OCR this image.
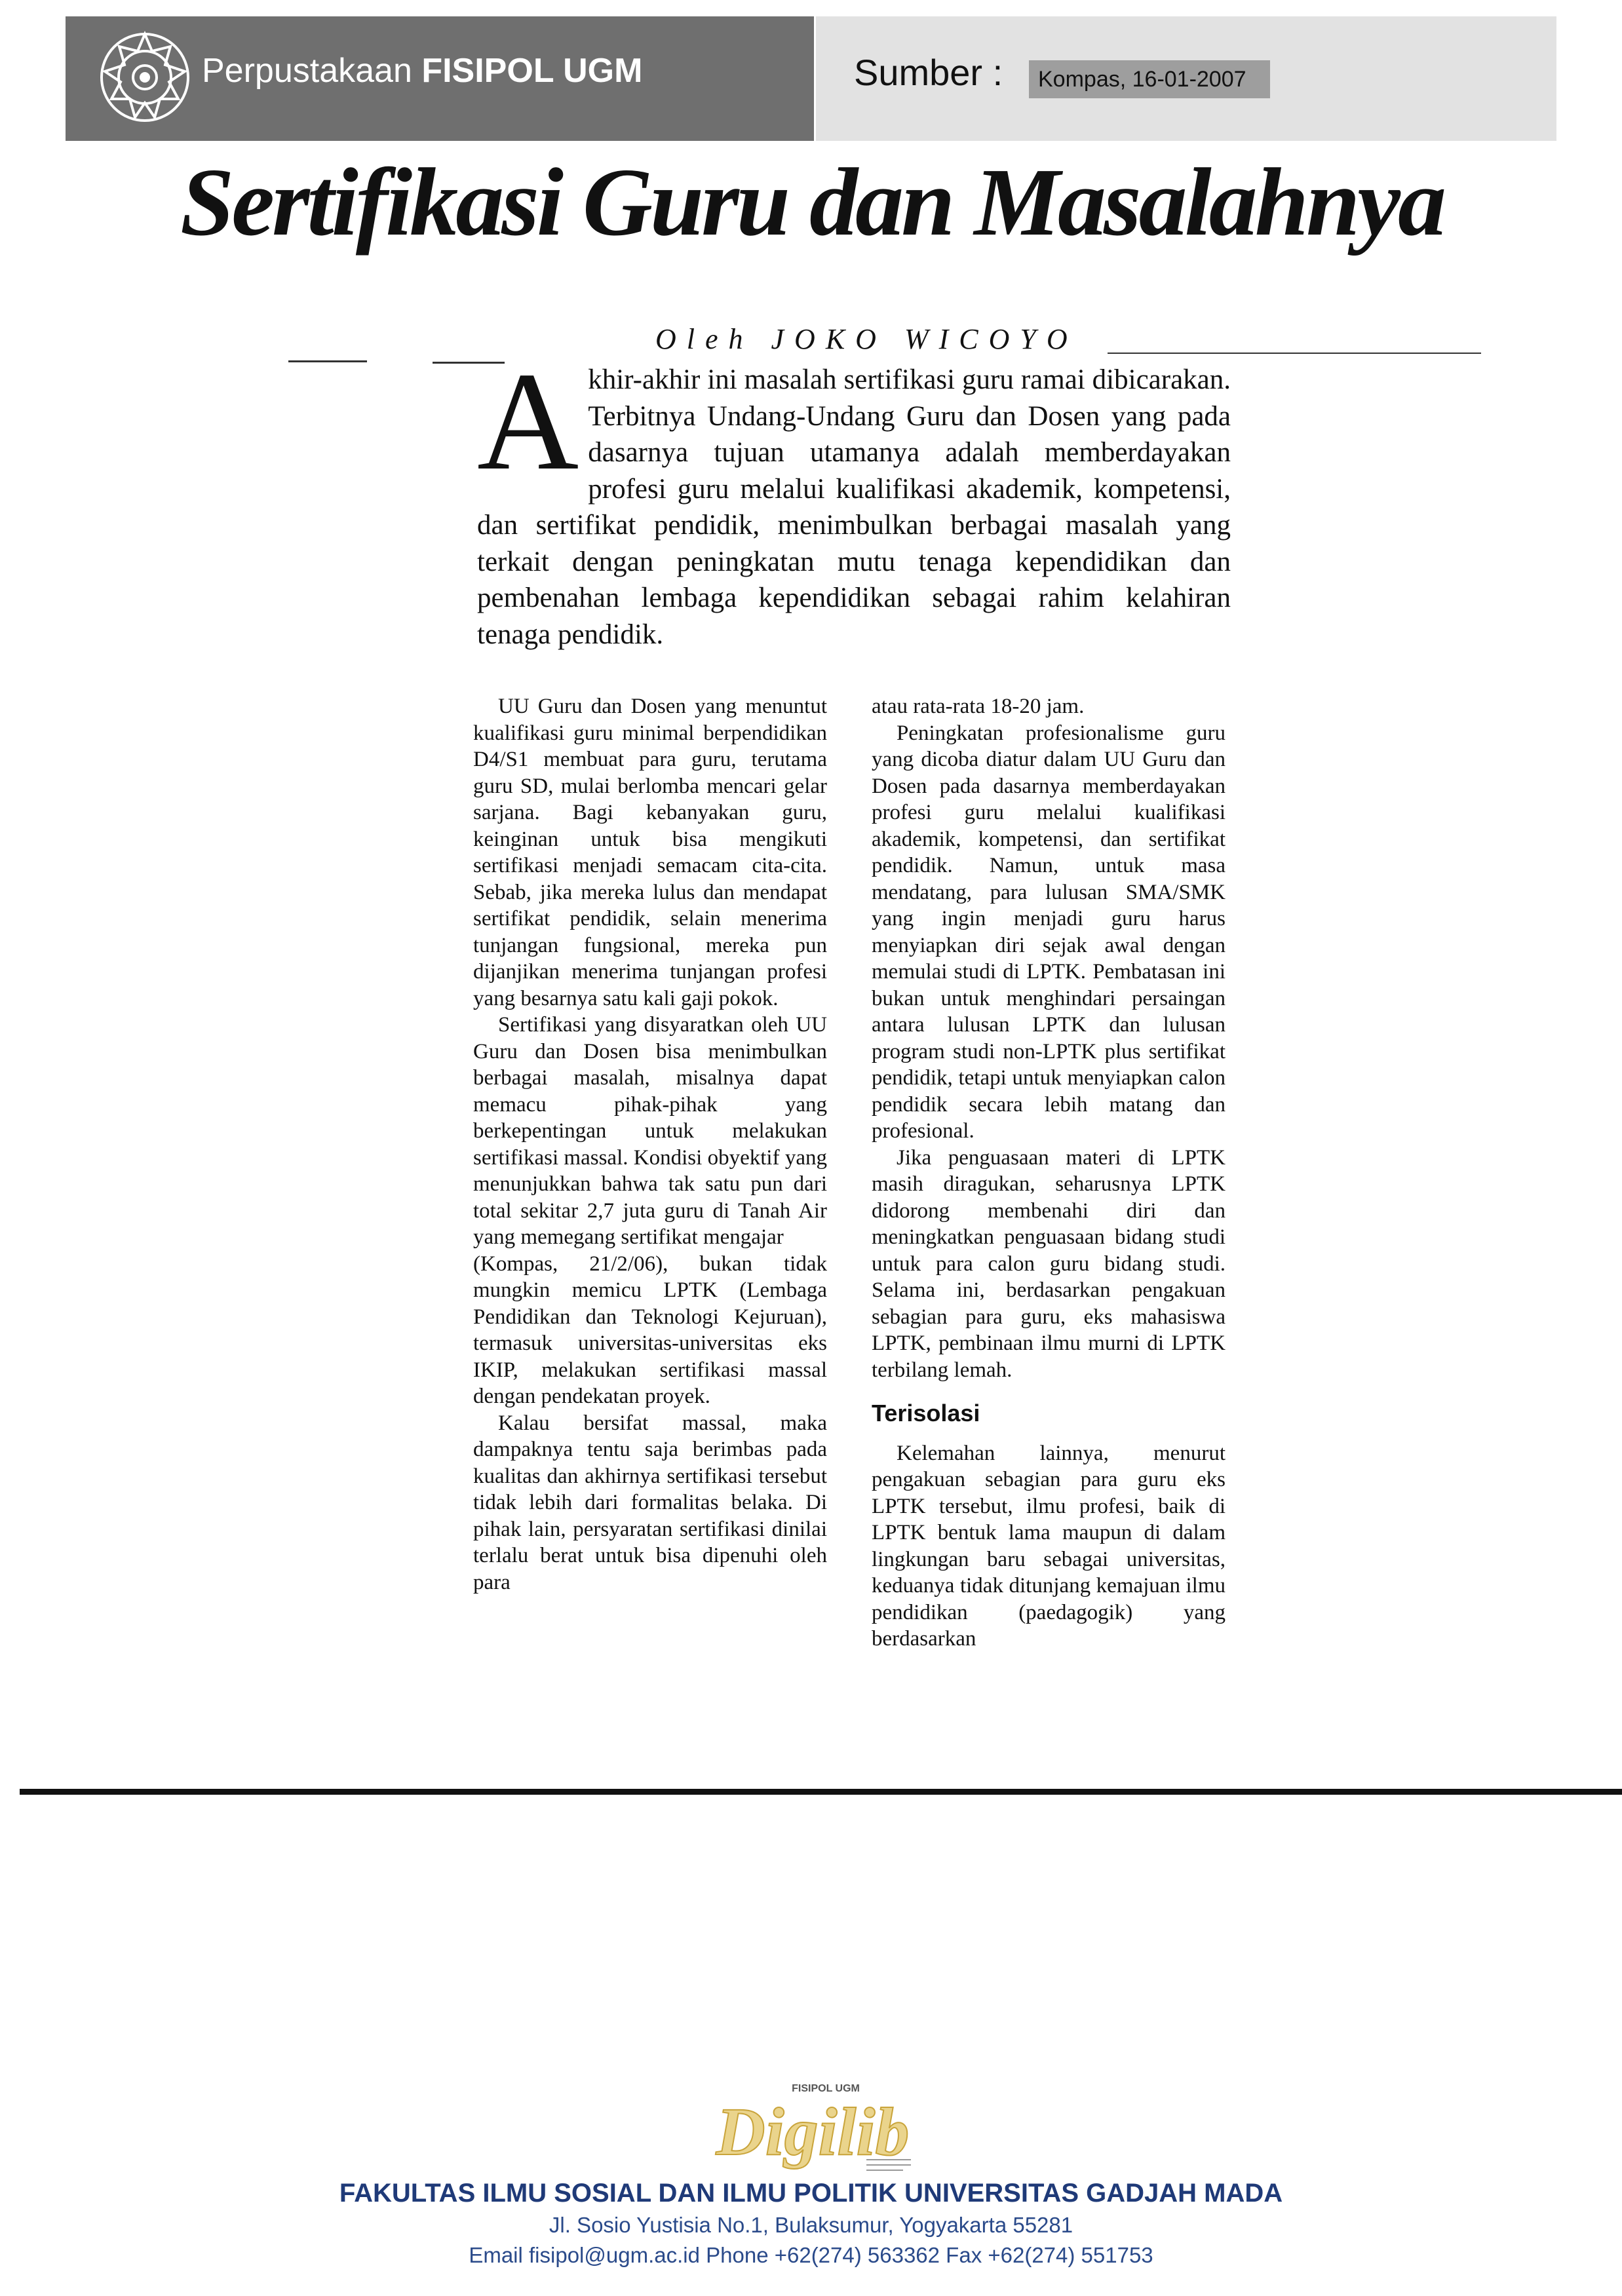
Perpustakaan FISIPOL UGM	Sumber :	Kompas, 16-01-2007
Sertifikasi Guru dan Masalahnya
Oleh JOKO WICOYO
A khir-akhir ini masalah sertifikasi guru ramai dibicarakan. Terbitnya Undang-Undang Guru dan Dosen yang pada dasarnya tujuan utamanya adalah memberdayakan profesi guru melalui kualifikasi akademik, kompetensi, dan sertifikat pendidik, menimbulkan berbagai masalah yang terkait dengan peningkatan mutu tenaga kependidikan dan pembenahan lembaga kependidikan sebagai rahim kelahiran tenaga pendidik.

UU Guru dan Dosen yang menuntut kualifikasi guru minimal berpendidikan D4/S1 membuat para guru, terutama guru SD, mulai berlomba mencari gelar sarjana. Bagi kebanyakan guru, keinginan untuk bisa mengikuti sertifikasi menjadi semacam cita-cita. Sebab, jika mereka lulus dan mendapat sertifikat pendidik, selain menerima tunjangan fungsional, mereka pun dijanjikan menerima tunjangan profesi yang besarnya satu kali gaji pokok.

Sertifikasi yang disyaratkan oleh UU Guru dan Dosen bisa menimbulkan berbagai masalah, misalnya dapat memacu pihak-pihak yang berkepentingan untuk melakukan sertifikasi massal. Kondisi obyektif yang menunjukkan bahwa tak satu pun dari total sekitar 2,7 juta guru di Tanah Air yang memegang sertifikat mengajar

(Kompas, 21/2/06), bukan tidak mungkin memicu LPTK (Lembaga Pendidikan dan Teknologi Kejuruan), termasuk universitas-universitas eks IKIP, melakukan sertifikasi massal dengan pendekatan proyek.

Kalau bersifat massal, maka dampaknya tentu saja berimbas pada kualitas dan akhirnya sertifikasi tersebut tidak lebih dari formalitas belaka. Di pihak lain, persyaratan sertifikasi dinilai terlalu berat untuk bisa dipenuhi oleh para

atau rata-rata 18-20 jam.

Peningkatan profesionalisme guru yang dicoba diatur dalam UU Guru dan Dosen pada dasarnya memberdayakan profesi guru melalui kualifikasi akademik, kompetensi, dan sertifikat pendidik. Namun, untuk masa mendatang, para lulusan SMA/SMK yang ingin menjadi guru harus menyiapkan diri sejak awal dengan memulai studi di LPTK. Pembatasan ini bukan untuk menghindari persaingan antara lulusan LPTK dan lulusan program studi non-LPTK plus sertifikat pendidik, tetapi untuk menyiapkan calon pendidik secara lebih matang dan profesional.

Jika penguasaan materi di LPTK masih diragukan, seharusnya LPTK didorong membenahi diri dan meningkatkan penguasaan bidang studi untuk para calon guru bidang studi. Selama ini, berdasarkan pengakuan sebagian para guru, eks mahasiswa LPTK, pembinaan ilmu murni di LPTK terbilang lemah.

Terisolasi

Kelemahan lainnya, menurut pengakuan sebagian para guru eks LPTK tersebut, ilmu profesi, baik di LPTK bentuk lama maupun di dalam lingkungan baru sebagai universitas, keduanya tidak ditunjang kemajuan ilmu pendidikan (paedagogik) yang berdasarkan

FISIPOL UGM
Digilib
FAKULTAS ILMU SOSIAL DAN ILMU POLITIK UNIVERSITAS GADJAH MADA
Jl. Sosio Yustisia No.1, Bulaksumur, Yogyakarta 55281
Email fisipol@ugm.ac.id Phone +62(274) 563362 Fax +62(274) 551753
